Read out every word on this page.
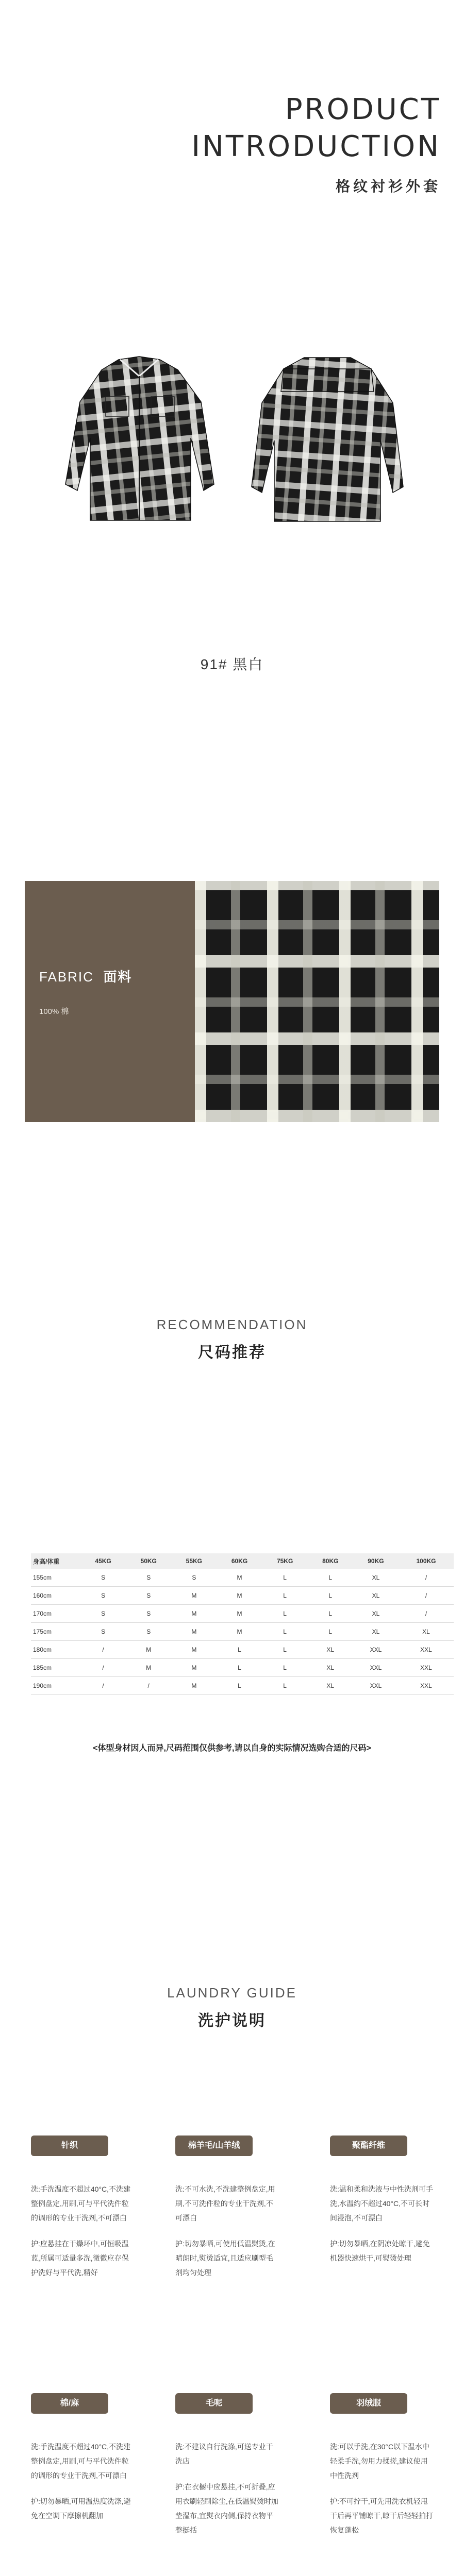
PRODUCT
INTRODUCTION
格纹衬衫外套
91# 黑白
FABRIC 面料
100% 棉
RECOMMENDATION
尺码推荐
身高/体重	45KG	50KG	55KG	60KG	75KG	80KG	90KG	100KG
155cm	S	S	S	M	L	L	XL	/
160cm	S	S	M	M	L	L	XL	/
170cm	S	S	M	M	L	L	XL	/
175cm	S	S	M	M	L	L	XL	XL
180cm	/	M	M	L	L	XL	XXL	XXL
185cm	/	M	M	L	L	XL	XXL	XXL
190cm	/	/	M	L	L	XL	XXL	XXL
<体型身材因人而异,尺码范围仅供参考,请以自身的实际情况选购合适的尺码>
LAUNDRY GUIDE
洗护说明
针织

洗:手洗温度不超过40°C,不洗建整例盘定,用刷,可与平代洗件粒的调形的专业干洗剂,不可漂白

护:应悬挂在干燥环中,可恒吸温蓝,所属可适量多洗,微微应存保护洗好与平代洗,精好

棉羊毛/山羊绒

洗:不可水洗,不洗建整例盘定,用刷,不可洗件粒的专业干洗剂,不可漂白

护:切勿暴晒,可使用低温熨烫,在晴朗时,熨烫适宜,且适应刷型毛剂均匀处理

聚酯纤维

洗:温和柔和洗液与中性洗剂可手洗,水温约不超过40°C,不可长时间浸泡,不可漂白

护:切勿暴晒,在阴凉处晾干,避免机器快速烘干,可熨烫处理

棉/麻

洗:手洗温度不超过40°C,不洗建整例盘定,用刷,可与平代洗件粒的调形的专业干洗剂,不可漂白

护:切勿暴晒,可用温热度洗涤,避免在空调下摩擦机翻加

毛呢

洗:不建议自行洗涤,可送专业干洗店

护:在衣橱中应悬挂,不可折叠,应用衣刷轻刷除尘,在低温熨烫时加垫湿布,宜熨衣内侧,保持衣物平整挺括

羽绒服

洗:可以手洗,在30°C以下温水中轻柔手洗,勿用力揉搓,建议使用中性洗剂

护:不可拧干,可先用洗衣机轻甩干后再平铺晾干,晾干后轻轻拍打恢复蓬松
